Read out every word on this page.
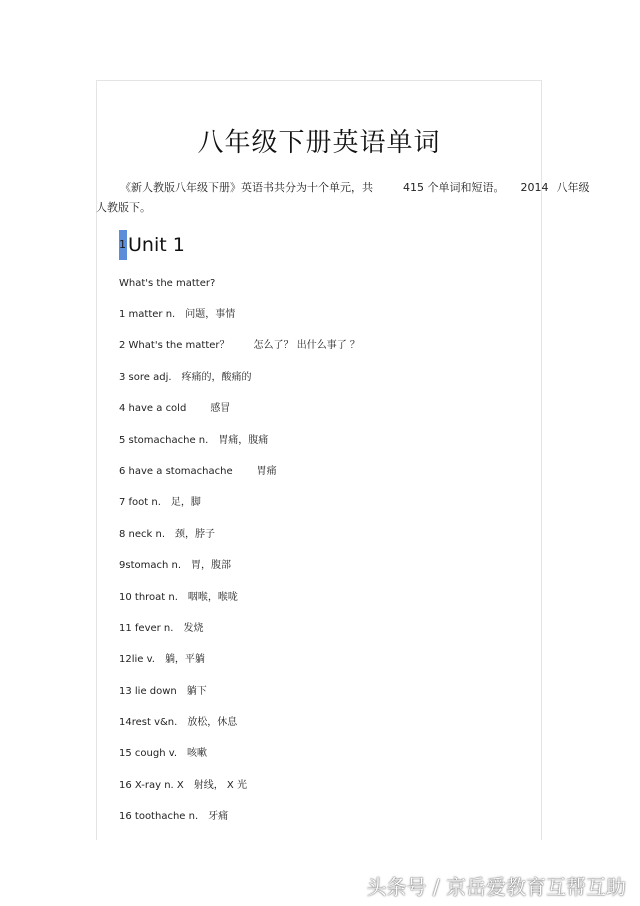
八年级下册英语单词
《新人教版八年级下册》英语书共分为十个单元，共	415 个单词和短语。 2014 八年级
人教版下。
1 Unit 1
What's the matter?
1 matter n. 问题，事情
2 What's the matter？ 怎么了？ 出什么事了 ？
3 sore adj. 疼痛的，酸痛的
4 have a cold 感冒
5 stomachache n. 胃痛，腹痛
6 have a stomachache 胃痛
7 foot n. 足，脚
8 neck n. 颈，脖子
9stomach n. 胃，腹部
10 throat n. 咽喉，喉咙
11 fever n. 发烧
12lie v. 躺，平躺
13 lie down 躺下
14rest v&n. 放松，休息
15 cough v. 咳嗽
16 X-ray n. X 射线， X 光
16 toothache n. 牙痛
头条号 / 京岳爱教育互帮互助
